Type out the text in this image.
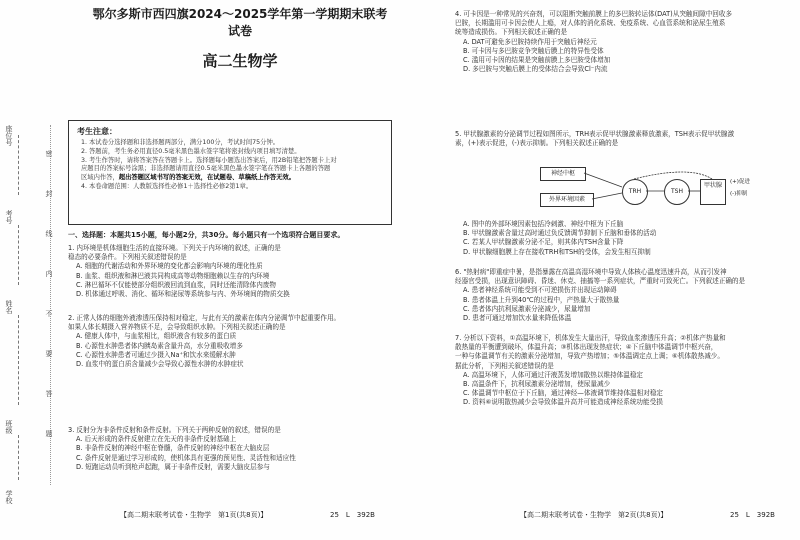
座位号
考号
姓名
班级
学校
密
封
线
内
不
要
答
题
鄂尔多斯市西四旗2024～2025学年第一学期期末联考试卷
高二生物学
考生注意：

1. 本试卷分选择题和非选择题两部分，满分100分，考试时间75分钟。

2. 答题前，考生务必用直径0.5毫米黑色墨水签字笔将密封线内项目填写清楚。

3. 考生作答时，请将答案答在答题卡上。选择题每小题选出答案后，用2B铅笔把答题卡上对

应题目的答案标号涂黑；非选择题请用直径0.5毫米黑色墨水签字笔在答题卡上各题的答题

区域内作答，超出答题区域书写的答案无效，在试题卷、草稿纸上作答无效。

4. 本卷命题范围：人教版选择性必修1＋选择性必修2第1章。

一、选择题：本题共15小题，每小题2分，共30分。每小题只有一个选项符合题目要求。
1. 内环境是机体细胞生活的直接环境。下列关于内环境的叙述，正确的是
稳态的必要条件。下列相关叙述错误的是
A. 细胞的代谢活动和外界环境的变化都会影响内环境的理化性质
B. 血浆、组织液和淋巴液共同构成高等动物细胞赖以生存的内环境
C. 淋巴循环不仅能使部分组织液回流到血浆，同时还能清除体内废物
D. 机体通过呼吸、消化、循环和泌尿等系统参与内、外环境间的物质交换
2. 正常人体的细胞外液渗透压保持相对稳定，与此有关的激素在体内分泌调节中起重要作用。
如果人体长期摄入营养物质不足，会导致组织水肿。下列相关叙述正确的是
A. 健康人体中，与血浆相比，组织液含有较多的蛋白质
B. 心源性水肿患者体内胰岛素含量升高，水分重吸收增多
C. 心源性水肿患者可通过少摄入Na⁺和饮水来缓解水肿
D. 血浆中的蛋白质含量减少会导致心源性水肿的水肿症状
3. 反射分为非条件反射和条件反射。下列关于两种反射的叙述，错误的是
A. 后天形成的条件反射建立在先天的非条件反射基础上
B. 非条件反射的神经中枢在脊髓，条件反射的神经中枢在大脑皮层
C. 条件反射是通过学习形成的，使机体具有更强的预见性、灵活性和适应性
D. 短跑运动员听到枪声起跑，属于非条件反射，需要大脑皮层参与
【高二期末联考试卷・生物学　第1页(共8页)】	25　L　392B
4. 可卡因是一种常见的兴奋剂，可以阻断突触前膜上的多巴胺转运体(DAT)从突触间隙中回收多
巴胺，长期滥用可卡因会使人上瘾，对人体的消化系统、免疫系统、心血管系统和泌尿生殖系
统等造成损伤。下列相关叙述正确的是
A. DAT可避免多巴胺持续作用于突触后神经元
B. 可卡因与多巴胺竞争突触后膜上的特异性受体
C. 滥用可卡因的结果是突触前膜上多巴胺受体增加
D. 多巴胺与突触后膜上的受体结合会导致Cl⁻内流
5. 甲状腺激素的分泌调节过程如图所示，TRH表示促甲状腺激素释放激素，TSH表示促甲状腺激
素，(+)表示促进，(-)表示抑制。下列相关叙述正确的是
神经中枢
外界环境因素
TRH	TSH
甲状腺	(+)促进
(-)抑制
A. 图中的外部环境因素包括冷刺激、神经中枢为下丘脑
B. 甲状腺激素含量过高时通过负反馈调节抑制下丘脑和垂体的活动
C. 若某人甲状腺激素分泌不足，则其体内TSH含量下降
D. 甲状腺细胞膜上存在接收TRH和TSH的受体，会发生相互抑制
6. "热射病"即重症中暑，是指暴露在高温高湿环境中导致人体核心温度迅速升高，从而引发神
经器官受损，出现意识障碍、昏迷、休克、抽搐等一系列症状，严重时可致死亡。下列叙述正确的是
A. 患者神经系统可能受到不可逆损伤并出现运动障碍
B. 患者体温上升到40℃的过程中，产热量大于散热量
C. 患者体内抗利尿激素分泌减少，尿量增加
D. 患者可通过增加饮水量来降低体温
7. 分析以下资料，①高温环境下，机体发生大量出汗，导致血浆渗透压升高；②机体产热量和
散热量的平衡遭到破坏，体温升高；③机体出现发热症状；④下丘脑中体温调节中枢兴奋，
一种与体温调节有关的激素分泌增加，导致产热增加；⑤体温调定点上调；⑥机体散热减少。
据此分析，下列相关叙述错误的是
A. 高温环境下，人体可通过汗液蒸发增加散热以维持体温稳定
B. 高温条件下，抗利尿激素分泌增加，使尿量减少
C. 体温调节中枢位于下丘脑，通过神经—体液调节维持体温相对稳定
D. 资料⑥说明散热减少会导致体温升高并可能造成神经系统功能受损
【高二期末联考试卷・生物学　第2页(共8页)】	25　L　392B
